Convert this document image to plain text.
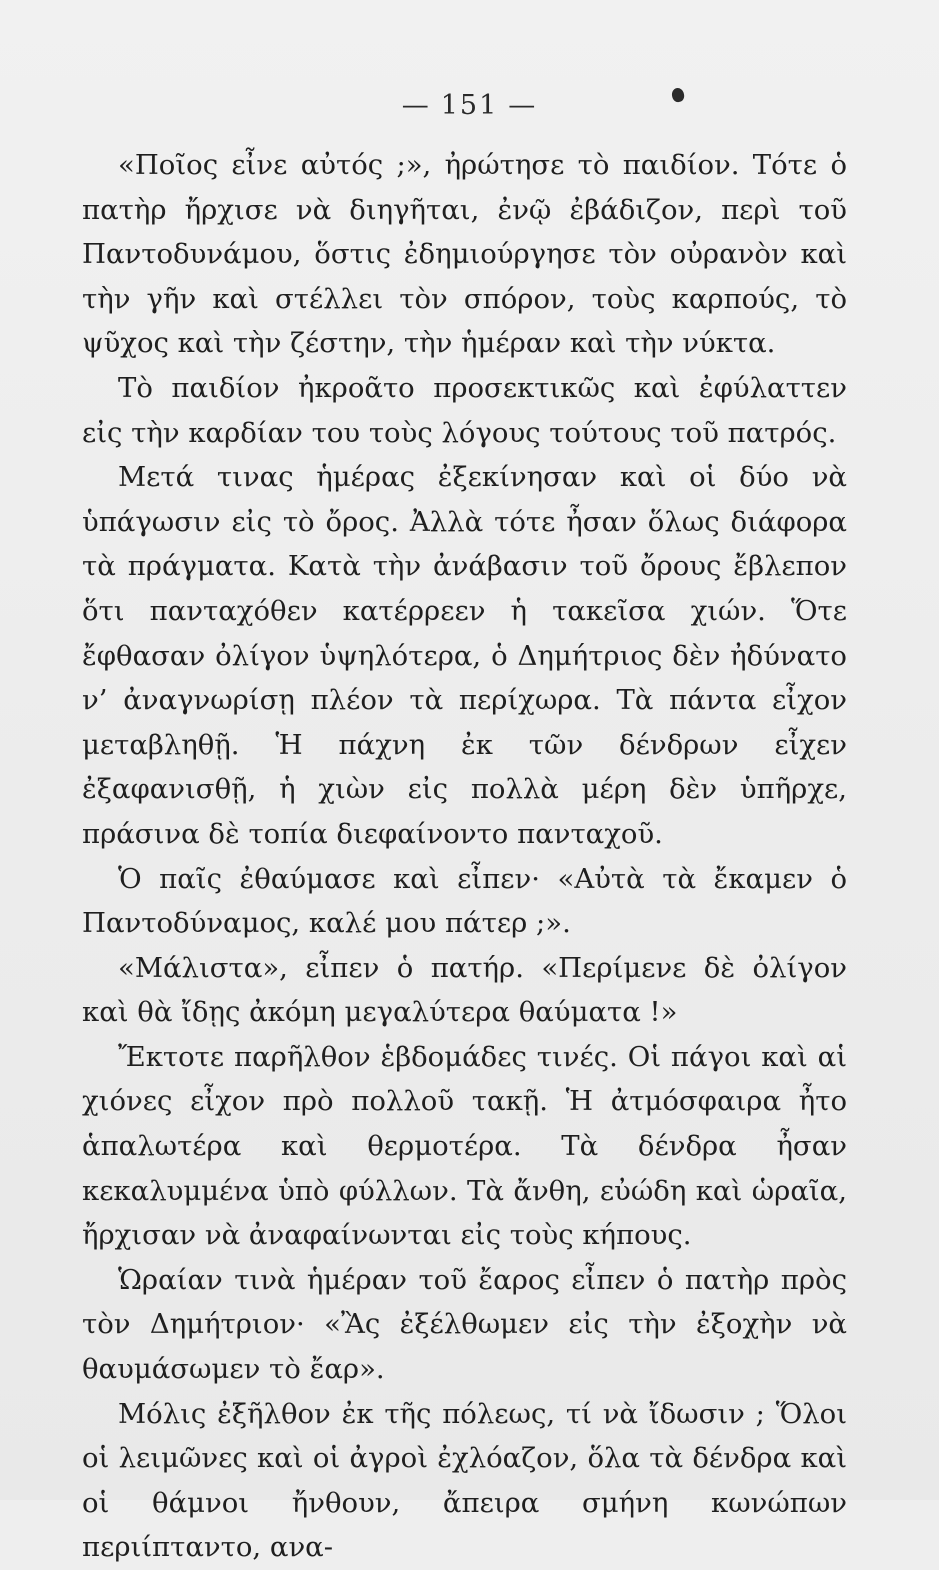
— 151 —

«Ποῖος εἶνε αὐτός ;», ἠρώτησε τὸ παιδίον. Τότε ὁ πατὴρ ἤρχισε νὰ διηγῆται, ἐνῷ ἐβάδιζον, περὶ τοῦ Παντοδυνάμου, ὅστις ἐδημιούργησε τὸν οὐρανὸν καὶ τὴν γῆν καὶ στέλλει τὸν σπόρον, τοὺς καρπούς, τὸ ψῦχος καὶ τὴν ζέστην, τὴν ἡμέραν καὶ τὴν νύκτα.

Τὸ παιδίον ἠκροᾶτο προσεκτικῶς καὶ ἐφύλαττεν εἰς τὴν καρδίαν του τοὺς λόγους τούτους τοῦ πατρός.

Μετά τινας ἡμέρας ἐξεκίνησαν καὶ οἱ δύο νὰ ὑπάγωσιν εἰς τὸ ὄρος. Ἀλλὰ τότε ἦσαν ὅλως διάφορα τὰ πράγματα. Κατὰ τὴν ἀνάβασιν τοῦ ὄρους ἔβλεπον ὅτι πανταχόθεν κατέρρεεν ἡ τακεῖσα χιών. Ὅτε ἔφθασαν ὀλίγον ὑψηλότερα, ὁ Δημήτριος δὲν ἠδύνατο ν’ ἀναγνωρίσῃ πλέον τὰ περίχωρα. Τὰ πάντα εἶχον μεταβληθῇ. Ἡ πάχνη ἐκ τῶν δένδρων εἶχεν ἐξαφανισθῇ, ἡ χιὼν εἰς πολλὰ μέρη δὲν ὑπῆρχε, πράσινα δὲ τοπία διεφαίνοντο πανταχοῦ.

Ὁ παῖς ἐθαύμασε καὶ εἶπεν· «Αὐτὰ τὰ ἔκαμεν ὁ Παντοδύναμος, καλέ μου πάτερ ;».

«Μάλιστα», εἶπεν ὁ πατήρ. «Περίμενε δὲ ὀλίγον καὶ θὰ ἴδῃς ἀκόμη μεγαλύτερα θαύματα !»

Ἔκτοτε παρῆλθον ἑβδομάδες τινές. Οἱ πάγοι καὶ αἱ χιόνες εἶχον πρὸ πολλοῦ τακῇ. Ἡ ἀτμόσφαιρα ἦτο ἁπαλωτέρα καὶ θερμοτέρα. Τὰ δένδρα ἦσαν κεκαλυμμένα ὑπὸ φύλλων. Τὰ ἄνθη, εὐώδη καὶ ὡραῖα, ἤρχισαν νὰ ἀναφαίνωνται εἰς τοὺς κήπους.

Ὡραίαν τινὰ ἡμέραν τοῦ ἔαρος εἶπεν ὁ πατὴρ πρὸς τὸν Δημήτριον· «Ἂς ἐξέλθωμεν εἰς τὴν ἐξοχὴν νὰ θαυμάσωμεν τὸ ἔαρ».

Μόλις ἐξῆλθον ἐκ τῆς πόλεως, τί νὰ ἴδωσιν ; Ὅλοι οἱ λειμῶνες καὶ οἱ ἀγροὶ ἐχλόαζον, ὅλα τὰ δένδρα καὶ οἱ θάμνοι ἤνθουν, ἄπειρα σμήνη κωνώπων περιίπταντο, ανα-
